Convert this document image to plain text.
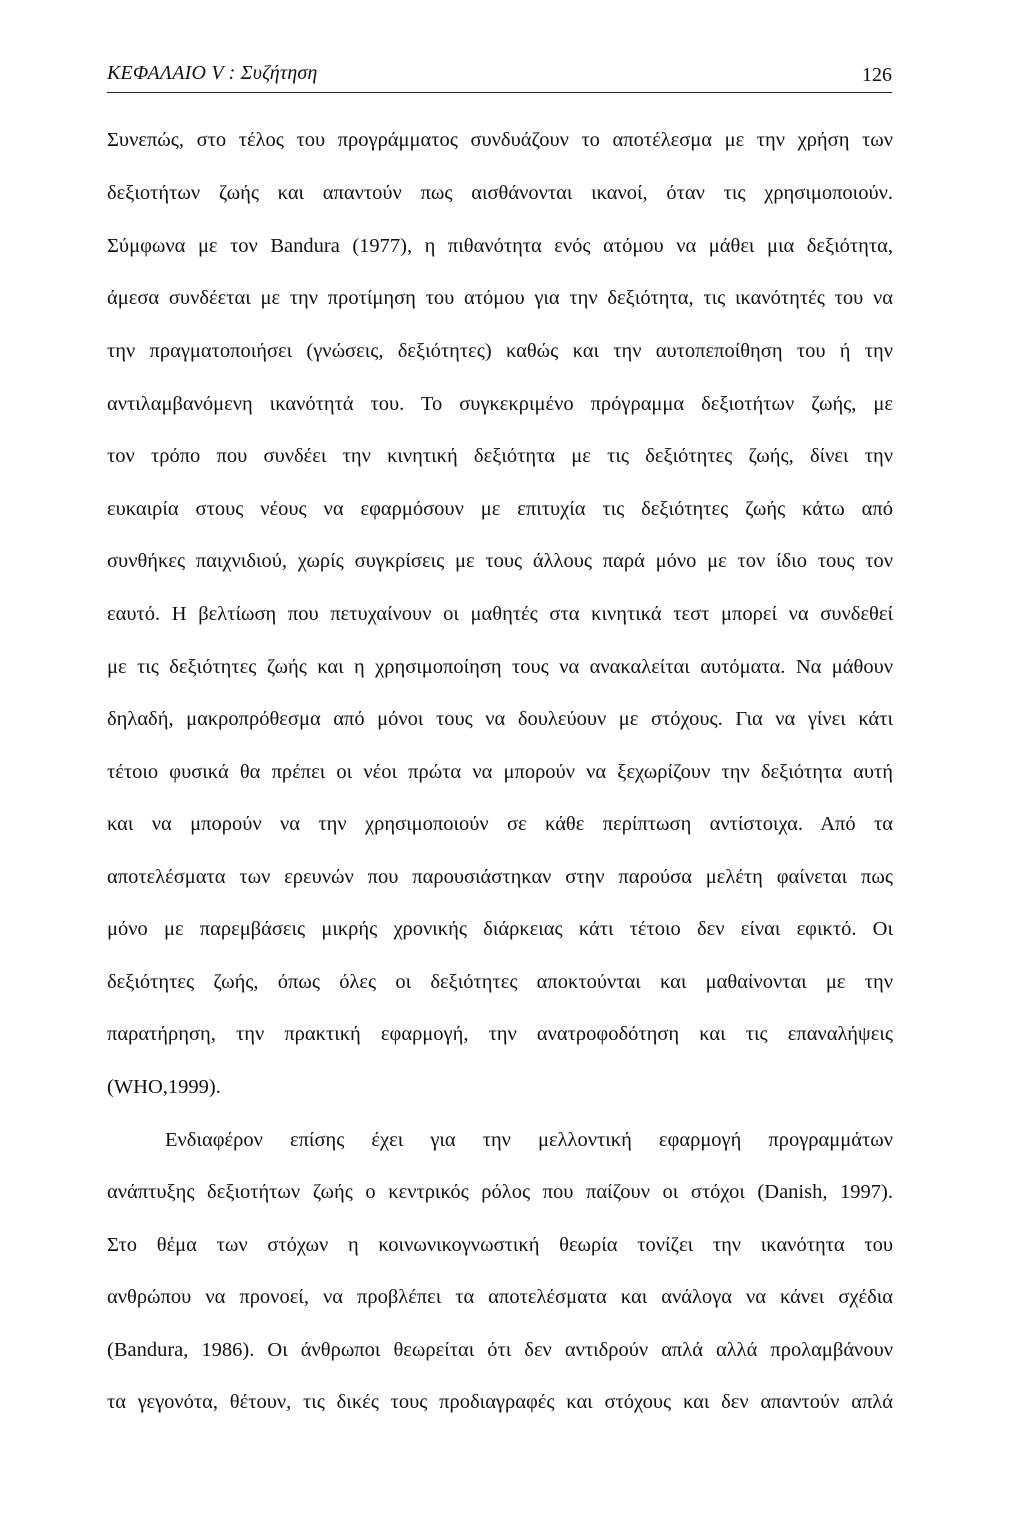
ΚΕΦΑΛΑΙΟ V : Συζήτηση	126
Συνεπώς, στο τέλος του προγράμματος συνδυάζουν το αποτέλεσμα με την χρήση των
δεξιοτήτων ζωής και απαντούν πως αισθάνονται ικανοί, όταν τις χρησιμοποιούν.
Σύμφωνα με τον Bandura (1977), η πιθανότητα ενός ατόμου να μάθει μια δεξιότητα,
άμεσα συνδέεται με την προτίμηση του ατόμου για την δεξιότητα, τις ικανότητές του να
την πραγματοποιήσει (γνώσεις, δεξιότητες) καθώς και την αυτοπεποίθηση του ή την
αντιλαμβανόμενη ικανότητά του. Το συγκεκριμένο πρόγραμμα δεξιοτήτων ζωής, με
τον τρόπο που συνδέει την κινητική δεξιότητα με τις δεξιότητες ζωής, δίνει την
ευκαιρία στους νέους να εφαρμόσουν με επιτυχία τις δεξιότητες ζωής κάτω από
συνθήκες παιχνιδιού, χωρίς συγκρίσεις με τους άλλους παρά μόνο με τον ίδιο τους τον
εαυτό. Η βελτίωση που πετυχαίνουν οι μαθητές στα κινητικά τεστ μπορεί να συνδεθεί
με τις δεξιότητες ζωής και η χρησιμοποίηση τους να ανακαλείται αυτόματα. Να μάθουν
δηλαδή, μακροπρόθεσμα από μόνοι τους να δουλεύουν με στόχους. Για να γίνει κάτι
τέτοιο φυσικά θα πρέπει οι νέοι πρώτα να μπορούν να ξεχωρίζουν την δεξιότητα αυτή
και να μπορούν να την χρησιμοποιούν σε κάθε περίπτωση αντίστοιχα. Από τα
αποτελέσματα των ερευνών που παρουσιάστηκαν στην παρούσα μελέτη φαίνεται πως
μόνο με παρεμβάσεις μικρής χρονικής διάρκειας κάτι τέτοιο δεν είναι εφικτό. Οι
δεξιότητες ζωής, όπως όλες οι δεξιότητες αποκτούνται και μαθαίνονται με την
παρατήρηση, την πρακτική εφαρμογή, την ανατροφοδότηση και τις επαναλήψεις
(WHO,1999).
Ενδιαφέρον επίσης έχει για την μελλοντική εφαρμογή προγραμμάτων
ανάπτυξης δεξιοτήτων ζωής ο κεντρικός ρόλος που παίζουν οι στόχοι (Danish, 1997).
Στο θέμα των στόχων η κοινωνικογνωστική θεωρία τονίζει την ικανότητα του
ανθρώπου να προνοεί, να προβλέπει τα αποτελέσματα και ανάλογα να κάνει σχέδια
(Bandura, 1986). Οι άνθρωποι θεωρείται ότι δεν αντιδρούν απλά αλλά προλαμβάνουν
τα γεγονότα, θέτουν, τις δικές τους προδιαγραφές και στόχους και δεν απαντούν απλά
